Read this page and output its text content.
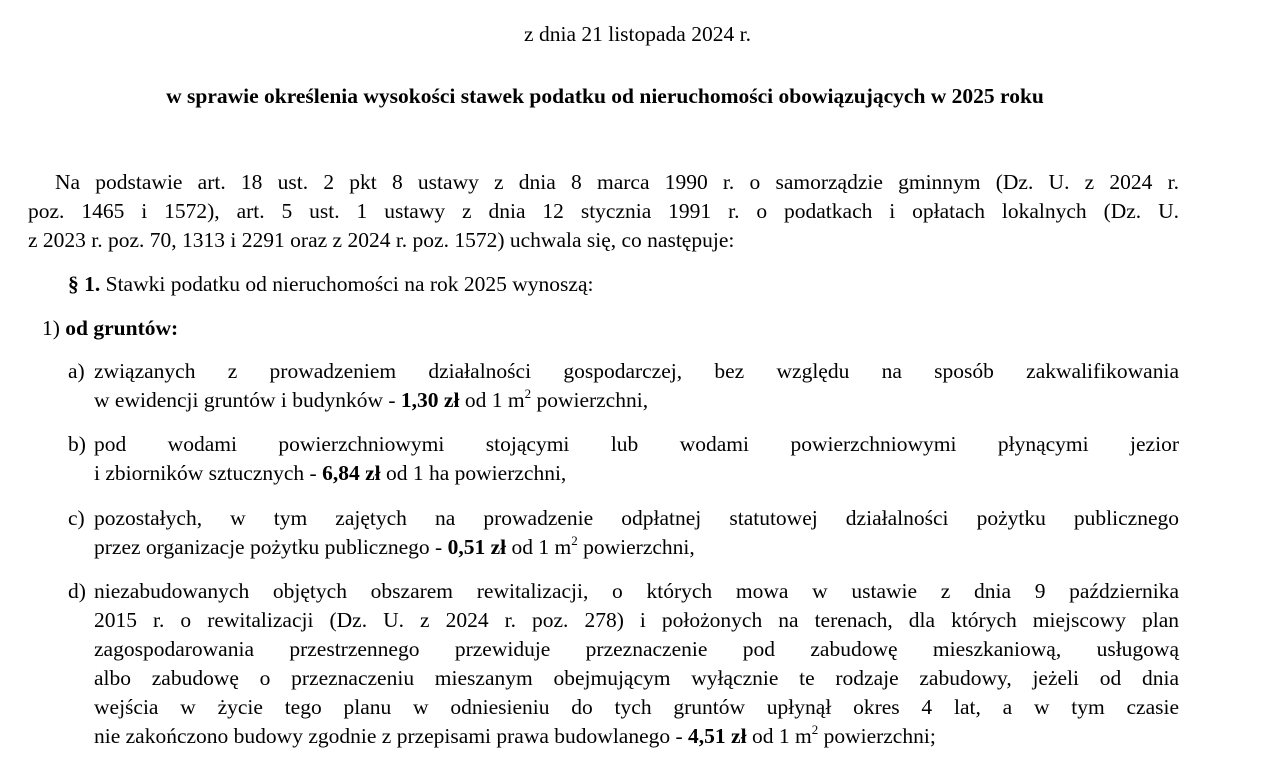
z dnia 21 listopada 2024 r.
w sprawie określenia wysokości stawek podatku od nieruchomości obowiązujących w 2025 roku
Na podstawie art. 18 ust. 2 pkt 8 ustawy z dnia 8 marca 1990 r. o samorządzie gminnym (Dz. U. z 2024 r.
poz. 1465 i 1572), art. 5 ust. 1 ustawy z dnia 12 stycznia 1991 r. o podatkach i opłatach lokalnych (Dz. U.
z 2023 r. poz. 70, 1313 i 2291 oraz z 2024 r. poz. 1572) uchwala się, co następuje:
§ 1. Stawki podatku od nieruchomości na rok 2025 wynoszą:
1) od gruntów:
a) związanych z prowadzeniem działalności gospodarczej, bez względu na sposób zakwalifikowania
w ewidencji gruntów i budynków - 1,30 zł od 1 $m^2$ powierzchni,
b) pod wodami powierzchniowymi stojącymi lub wodami powierzchniowymi płynącymi jezior
i zbiorników sztucznych - 6,84 zł od 1 ha powierzchni,
c) pozostałych, w tym zajętych na prowadzenie odpłatnej statutowej działalności pożytku publicznego
przez organizacje pożytku publicznego - 0,51 zł od 1 $m^2$ powierzchni,
d) niezabudowanych objętych obszarem rewitalizacji, o których mowa w ustawie z dnia 9 października
2015 r. o rewitalizacji (Dz. U. z 2024 r. poz. 278) i położonych na terenach, dla których miejscowy plan
zagospodarowania przestrzennego przewiduje przeznaczenie pod zabudowę mieszkaniową, usługową
albo zabudowę o przeznaczeniu mieszanym obejmującym wyłącznie te rodzaje zabudowy, jeżeli od dnia
wejścia w życie tego planu w odniesieniu do tych gruntów upłynął okres 4 lat, a w tym czasie
nie zakończono budowy zgodnie z przepisami prawa budowlanego - 4,51 zł od 1 $m^2$ powierzchni;
